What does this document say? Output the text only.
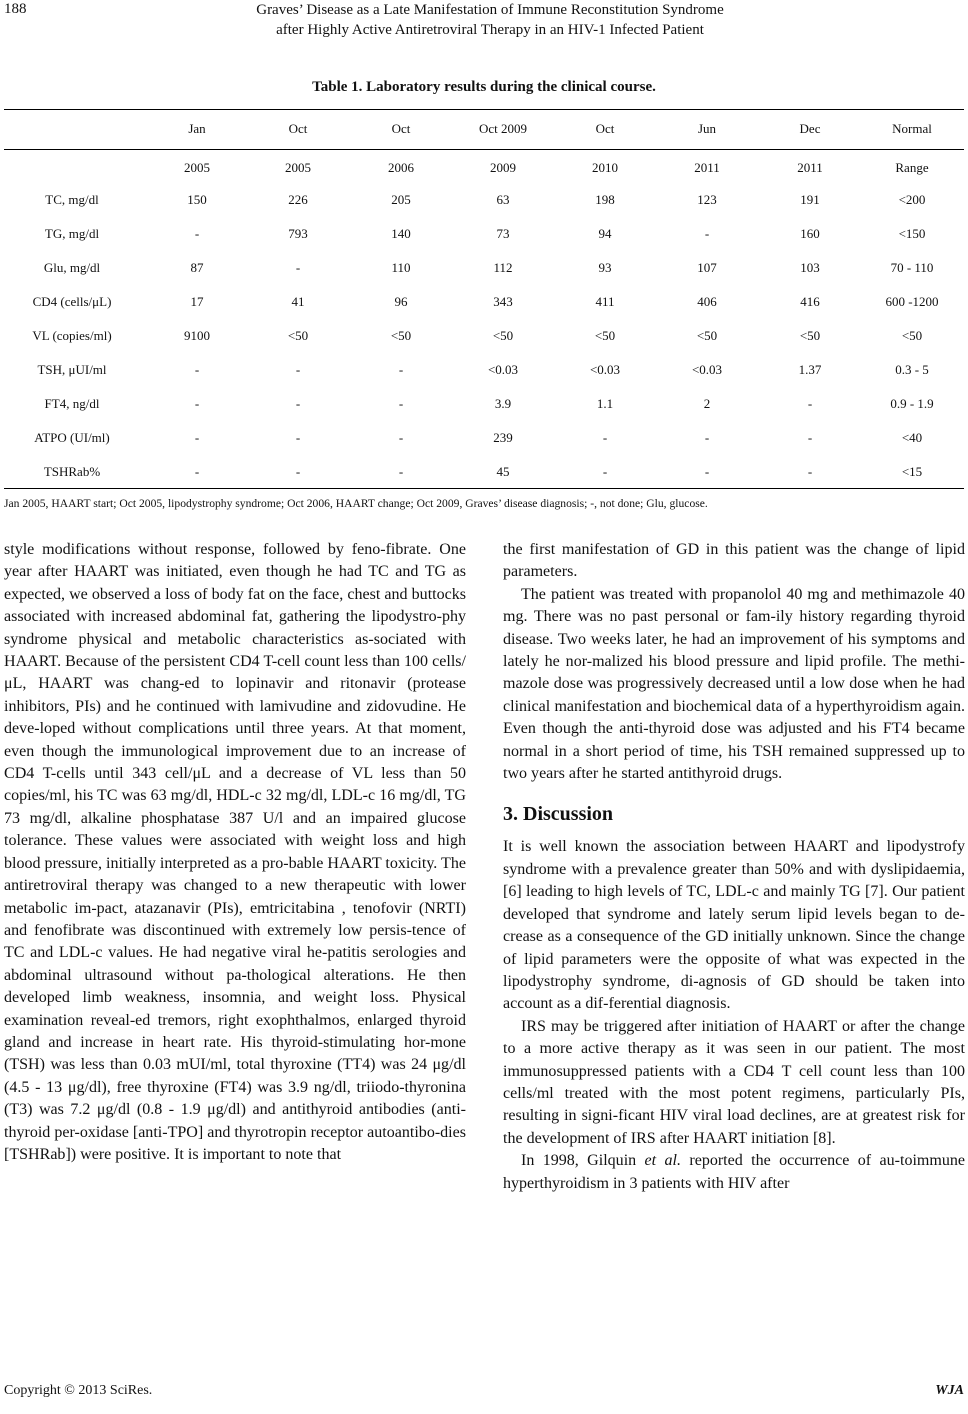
188	Graves’ Disease as a Late Manifestation of Immune Reconstitution Syndrome
after Highly Active Antiretroviral Therapy in an HIV-1 Infected Patient
Table 1. Laboratory results during the clinical course.
Jan	Oct	Oct	Oct 2009	Oct	Jun	Dec	Normal
2005	2005	2006	2009	2010	2011	2011	Range
TC, mg/dl	150	226	205	63	198	123	191	<200
TG, mg/dl	-	793	140	73	94	-	160	<150
Glu, mg/dl	87	-	110	112	93	107	103	70 - 110
CD4 (cells/μL)	17	41	96	343	411	406	416	600 -1200
VL (copies/ml)	9100	<50	<50	<50	<50	<50	<50	<50
TSH, μUI/ml	-	-	-	<0.03	<0.03	<0.03	1.37	0.3 - 5
FT4, ng/dl	-	-	-	3.9	1.1	2	-	0.9 - 1.9
ATPO (UI/ml)	-	-	-	239	-	-	-	<40
TSHRab%	-	-	-	45	-	-	-	<15
Jan 2005, HAART start; Oct 2005, lipodystrophy syndrome; Oct 2006, HAART change; Oct 2009, Graves’ disease diagnosis; -, not done; Glu, glucose.

style modifications without response, followed by feno-fibrate. One year after HAART was initiated, even though he had TC and TG as expected, we observed a loss of body fat on the face, chest and buttocks associated with increased abdominal fat, gathering the lipodystro-phy syndrome physical and metabolic characteristics as-sociated with HAART. Because of the persistent CD4 T-cell count less than 100 cells/μL, HAART was chang-ed to lopinavir and ritonavir (protease inhibitors, PIs) and he continued with lamivudine and zidovudine. He deve-loped without complications until three years. At that moment, even though the immunological improvement due to an increase of CD4 T-cells until 343 cell/μL and a decrease of VL less than 50 copies/ml, his TC was 63 mg/dl, HDL-c 32 mg/dl, LDL-c 16 mg/dl, TG 73 mg/dl, alkaline phosphatase 387 U/l and an impaired glucose tolerance. These values were associated with weight loss and high blood pressure, initially interpreted as a pro-bable HAART toxicity. The antiretroviral therapy was changed to a new therapeutic with lower metabolic im-pact, atazanavir (PIs), emtricitabina , tenofovir (NRTI) and fenofibrate was discontinued with extremely low persis-tence of TC and LDL-c values. He had negative viral he-patitis serologies and abdominal ultrasound without pa-thological alterations. He then developed limb weakness, insomnia, and weight loss. Physical examination reveal-ed tremors, right exophthalmos, enlarged thyroid gland and increase in heart rate. His thyroid-stimulating hor-mone (TSH) was less than 0.03 mUI/ml, total thyroxine (TT4) was 24 μg/dl (4.5 - 13 μg/dl), free thyroxine (FT4) was 3.9 ng/dl, triiodo-thyronina (T3) was 7.2 μg/dl (0.8 - 1.9 μg/dl) and antithyroid antibodies (anti-thyroid per-oxidase [anti-TPO] and thyrotropin receptor autoantibo-dies [TSHRab]) were positive. It is important to note that

the first manifestation of GD in this patient was the change of lipid parameters.

The patient was treated with propanolol 40 mg and methimazole 40 mg. There was no past personal or fam-ily history regarding thyroid disease. Two weeks later, he had an improvement of his symptoms and lately he nor-malized his blood pressure and lipid profile. The methi-mazole dose was progressively decreased until a low dose when he had clinical manifestation and biochemical data of a hyperthyroidism again. Even though the anti-thyroid dose was adjusted and his FT4 became normal in a short period of time, his TSH remained suppressed up to two years after he started antithyroid drugs.

3. Discussion

It is well known the association between HAART and lipodystrofy syndrome with a prevalence greater than 50% and with dyslipidaemia, [6] leading to high levels of TC, LDL-c and mainly TG [7]. Our patient developed that syndrome and lately serum lipid levels began to de-crease as a consequence of the GD initially unknown. Since the change of lipid parameters were the opposite of what was expected in the lipodystrophy syndrome, di-agnosis of GD should be taken into account as a dif-ferential diagnosis.

IRS may be triggered after initiation of HAART or after the change to a more active therapy as it was seen in our patient. The most immunosuppressed patients with a CD4 T cell count less than 100 cells/ml treated with the most potent regimens, particularly PIs, resulting in signi-ficant HIV viral load declines, are at greatest risk for the development of IRS after HAART initiation [8].

In 1998, Gilquin et al. reported the occurrence of au-toimmune hyperthyroidism in 3 patients with HIV after

Copyright © 2013 SciRes.	WJA
